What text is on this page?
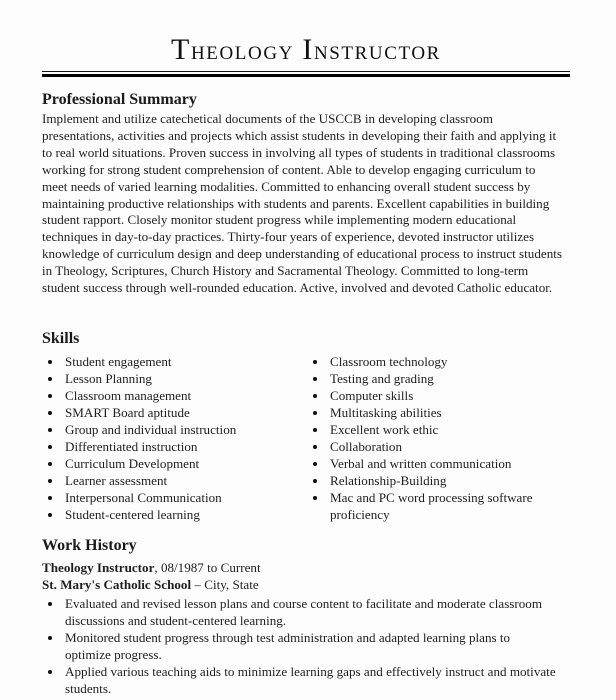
Theology Instructor
Professional Summary

Implement and utilize catechetical documents of the USCCB in developing classroom presentations, activities and projects which assist students in developing their faith and applying it to real world situations. Proven success in involving all types of students in traditional classrooms working for strong student comprehension of content. Able to develop engaging curriculum to meet needs of varied learning modalities. Committed to enhancing overall student success by maintaining productive relationships with students and parents. Excellent capabilities in building student rapport. Closely monitor student progress while implementing modern educational techniques in day-to-day practices. Thirty-four years of experience, devoted instructor utilizes knowledge of curriculum design and deep understanding of educational process to instruct students in Theology, Scriptures, Church History and Sacramental Theology. Committed to long-term student success through well-rounded education. Active, involved and devoted Catholic educator.

Skills
Student engagement
Lesson Planning
Classroom management
SMART Board aptitude
Group and individual instruction
Differentiated instruction
Curriculum Development
Learner assessment
Interpersonal Communication
Student-centered learning
Classroom technology
Testing and grading
Computer skills
Multitasking abilities
Excellent work ethic
Collaboration
Verbal and written communication
Relationship-Building
Mac and PC word processing software proficiency
Work History

Theology Instructor, 08/1987 to Current

St. Mary's Catholic School – City, State

Evaluated and revised lesson plans and course content to facilitate and moderate classroom discussions and student-centered learning.
Monitored student progress through test administration and adapted learning plans to optimize progress.
Applied various teaching aids to minimize learning gaps and effectively instruct and motivate students.
